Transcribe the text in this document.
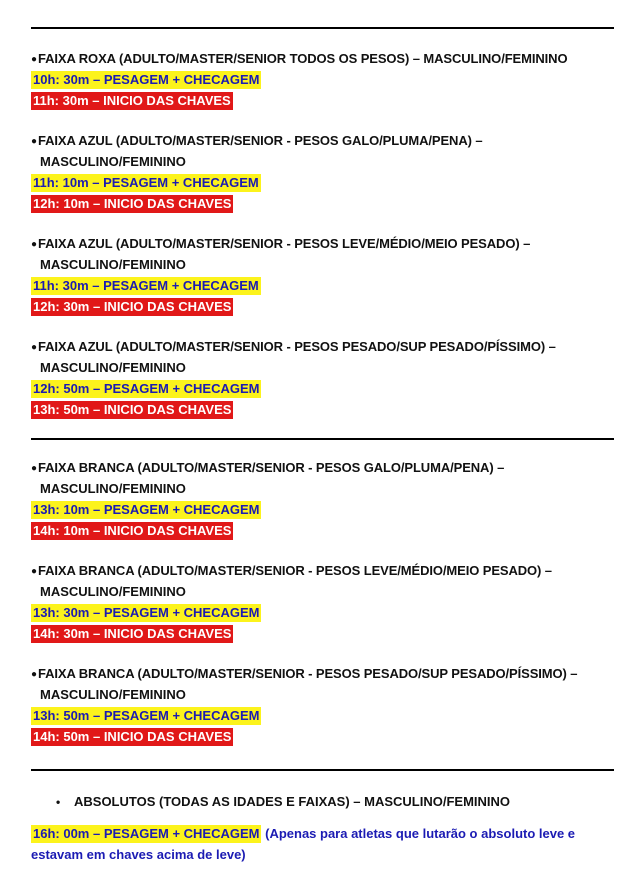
●FAIXA ROXA (ADULTO/MASTER/SENIOR TODOS OS PESOS) – MASCULINO/FEMININO
10h: 30m – PESAGEM + CHECAGEM
11h: 30m – INICIO DAS CHAVES
●FAIXA AZUL (ADULTO/MASTER/SENIOR - PESOS GALO/PLUMA/PENA) –
MASCULINO/FEMININO
11h: 10m – PESAGEM + CHECAGEM
12h: 10m – INICIO DAS CHAVES
●FAIXA AZUL (ADULTO/MASTER/SENIOR - PESOS LEVE/MÉDIO/MEIO PESADO) –
MASCULINO/FEMININO
11h: 30m – PESAGEM + CHECAGEM
12h: 30m – INICIO DAS CHAVES
●FAIXA AZUL (ADULTO/MASTER/SENIOR - PESOS PESADO/SUP PESADO/PÍSSIMO) –
MASCULINO/FEMININO
12h: 50m – PESAGEM + CHECAGEM
13h: 50m – INICIO DAS CHAVES
●FAIXA BRANCA (ADULTO/MASTER/SENIOR - PESOS GALO/PLUMA/PENA) –
MASCULINO/FEMININO
13h: 10m – PESAGEM + CHECAGEM
14h: 10m – INICIO DAS CHAVES
●FAIXA BRANCA (ADULTO/MASTER/SENIOR - PESOS LEVE/MÉDIO/MEIO PESADO) –
MASCULINO/FEMININO
13h: 30m – PESAGEM + CHECAGEM
14h: 30m – INICIO DAS CHAVES
●FAIXA BRANCA (ADULTO/MASTER/SENIOR - PESOS PESADO/SUP PESADO/PÍSSIMO) –
MASCULINO/FEMININO
13h: 50m – PESAGEM + CHECAGEM
14h: 50m – INICIO DAS CHAVES
• ABSOLUTOS (TODAS AS IDADES E FAIXAS) – MASCULINO/FEMININO
16h: 00m – PESAGEM + CHECAGEM (Apenas para atletas que lutarão o absoluto leve e
estavam em chaves acima de leve)
